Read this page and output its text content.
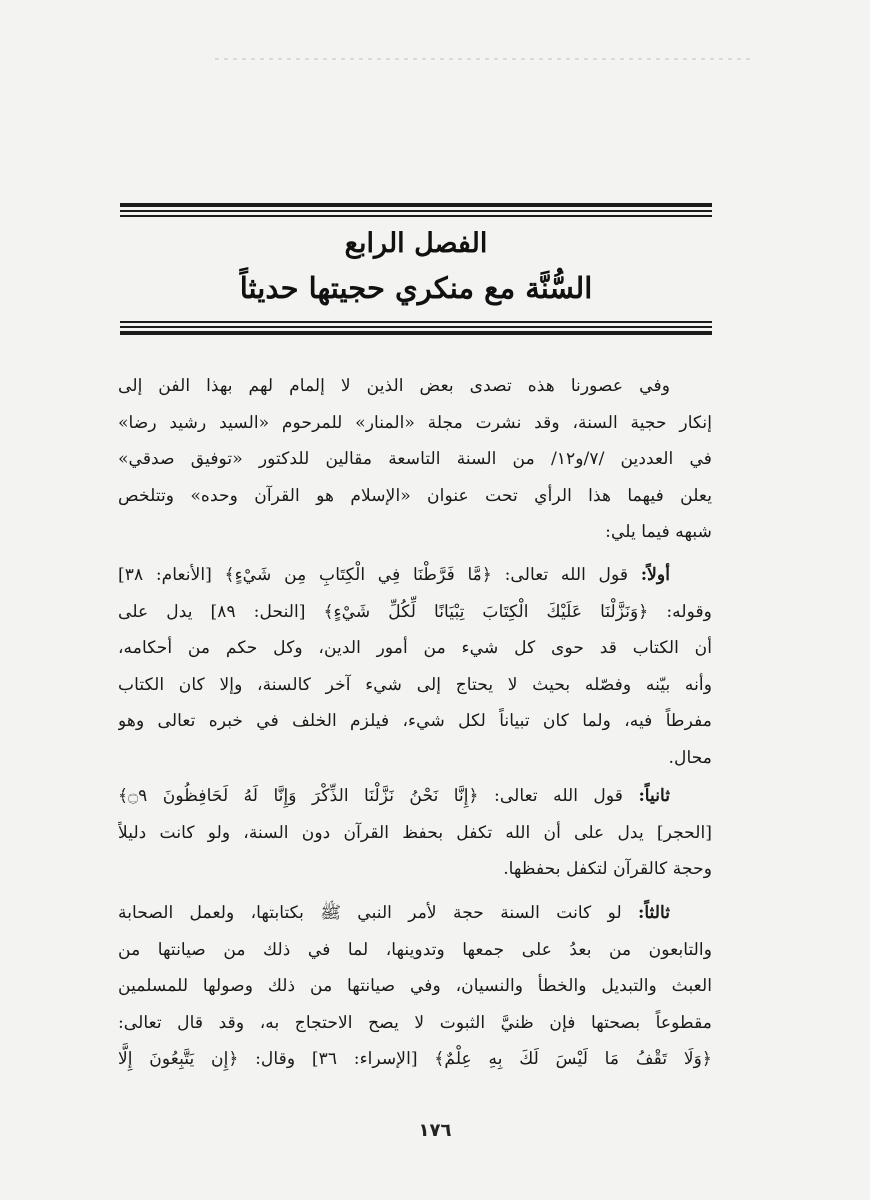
الفصل الرابع
السُّنَّة مع منكري حجيتها حديثاً
وفي عصورنا هذه تصدى بعض الذين لا إلمام لهم بهذا الفن إلى
إنكار حجية السنة، وقد نشرت مجلة «المنار» للمرحوم «السيد رشيد رضا»
في العددين /٧/و١٢/ من السنة التاسعة مقالين للدكتور «توفيق صدقي»
يعلن فيهما هذا الرأي تحت عنوان «الإسلام هو القرآن وحده» وتتلخص
شبهه فيما يلي:
أولاً: قول الله تعالى: ﴿مَّا فَرَّطْنَا فِي الْكِتَابِ مِن شَيْءٍ﴾ [الأنعام: ٣٨]
وقوله: ﴿وَنَزَّلْنَا عَلَيْكَ الْكِتَابَ تِبْيَانًا لِّكُلِّ شَيْءٍ﴾ [النحل: ٨٩] يدل على
أن الكتاب قد حوى كل شيء من أمور الدين، وكل حكم من أحكامه،
وأنه بيّنه وفصّله بحيث لا يحتاج إلى شيء آخر كالسنة، وإلا كان الكتاب
مفرطاً فيه، ولما كان تبياناً لكل شيء، فيلزم الخلف في خبره تعالى وهو
محال.
ثانياً: قول الله تعالى: ﴿إِنَّا نَحْنُ نَزَّلْنَا الذِّكْرَ وَإِنَّا لَهُ لَحَافِظُونَ ۝٩﴾
[الحجر] يدل على أن الله تكفل بحفظ القرآن دون السنة، ولو كانت دليلاً
وحجة كالقرآن لتكفل بحفظها.
ثالثاً: لو كانت السنة حجة لأمر النبي ﷺ بكتابتها، ولعمل الصحابة
والتابعون من بعدُ على جمعها وتدوينها، لما في ذلك من صيانتها من
العبث والتبديل والخطأ والنسيان، وفي صيانتها من ذلك وصولها للمسلمين
مقطوعاً بصحتها فإن ظنيَّ الثبوت لا يصح الاحتجاج به، وقد قال تعالى:
﴿وَلَا تَقْفُ مَا لَيْسَ لَكَ بِهِ عِلْمٌ﴾ [الإسراء: ٣٦] وقال: ﴿إِن يَتَّبِعُونَ إِلَّا
١٧٦
